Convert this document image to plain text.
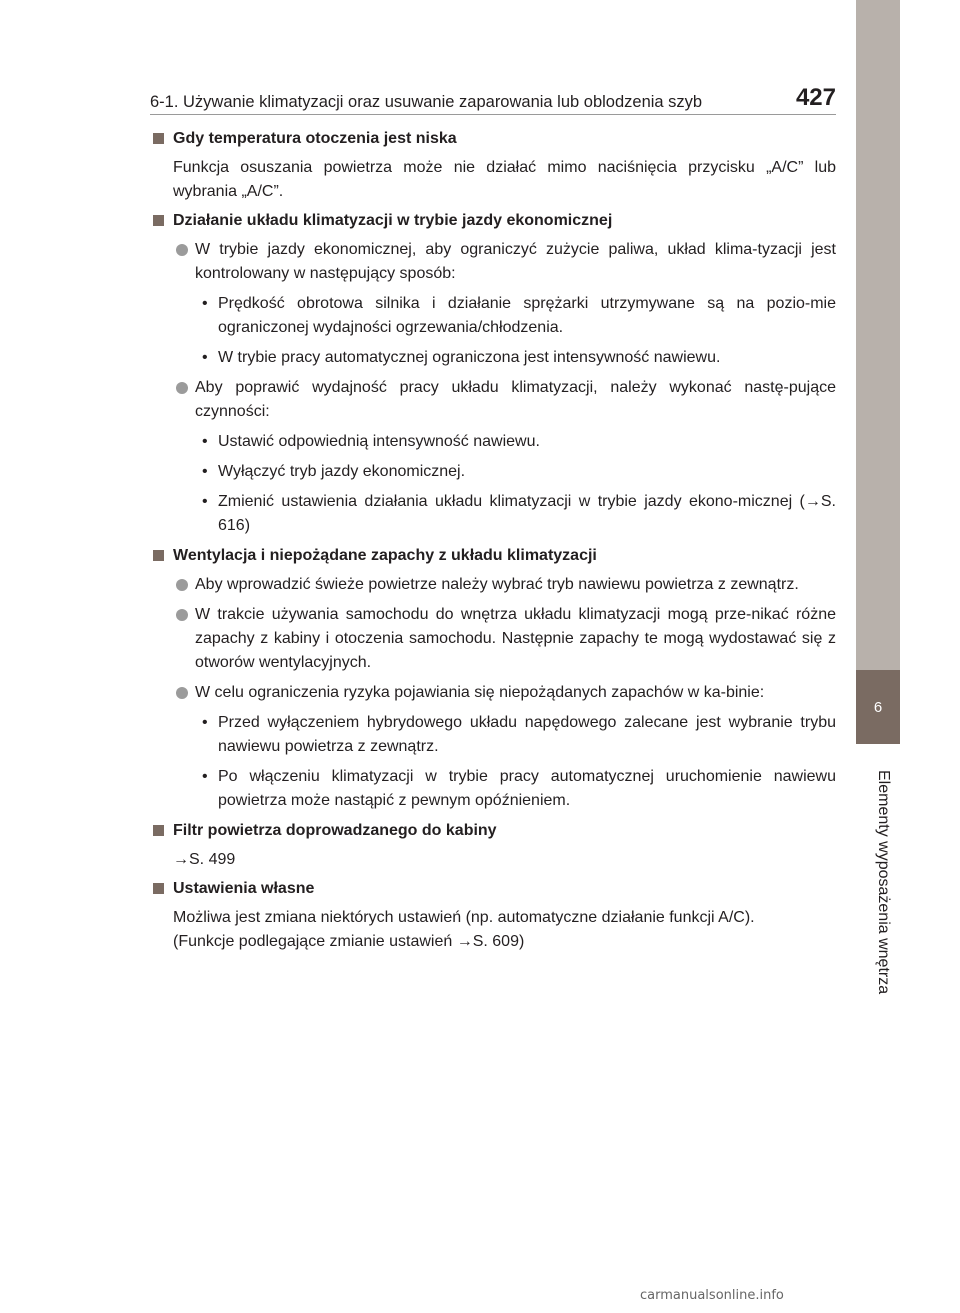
6-1. Używanie klimatyzacji oraz usuwanie zaparowania lub oblodzenia szyb	427
6
Elementy wyposażenia wnętrza
Gdy temperatura otoczenia jest niska
Funkcja osuszania powietrza może nie działać mimo naciśnięcia przycisku „A/C” lub wybrania „A/C”.
Działanie układu klimatyzacji w trybie jazdy ekonomicznej
W trybie jazdy ekonomicznej, aby ograniczyć zużycie paliwa, układ klima-tyzacji jest kontrolowany w następujący sposób:
• Prędkość obrotowa silnika i działanie sprężarki utrzymywane są na pozio-mie ograniczonej wydajności ogrzewania/chłodzenia.
• W trybie pracy automatycznej ograniczona jest intensywność nawiewu.
Aby poprawić wydajność pracy układu klimatyzacji, należy wykonać nastę-pujące czynności:
• Ustawić odpowiednią intensywność nawiewu.
• Wyłączyć tryb jazdy ekonomicznej.
• Zmienić ustawienia działania układu klimatyzacji w trybie jazdy ekono-micznej (→S. 616)
Wentylacja i niepożądane zapachy z układu klimatyzacji
Aby wprowadzić świeże powietrze należy wybrać tryb nawiewu powietrza z zewnątrz.
W trakcie używania samochodu do wnętrza układu klimatyzacji mogą prze-nikać różne zapachy z kabiny i otoczenia samochodu. Następnie zapachy te mogą wydostawać się z otworów wentylacyjnych.
W celu ograniczenia ryzyka pojawiania się niepożądanych zapachów w ka-binie:
• Przed wyłączeniem hybrydowego układu napędowego zalecane jest wybranie trybu nawiewu powietrza z zewnątrz.
• Po włączeniu klimatyzacji w trybie pracy automatycznej uruchomienie nawiewu powietrza może nastąpić z pewnym opóźnieniem.
Filtr powietrza doprowadzanego do kabiny
→S. 499
Ustawienia własne
Możliwa jest zmiana niektórych ustawień (np. automatyczne działanie funkcji A/C).
(Funkcje podlegające zmianie ustawień →S. 609)
carmanualsonline.info
